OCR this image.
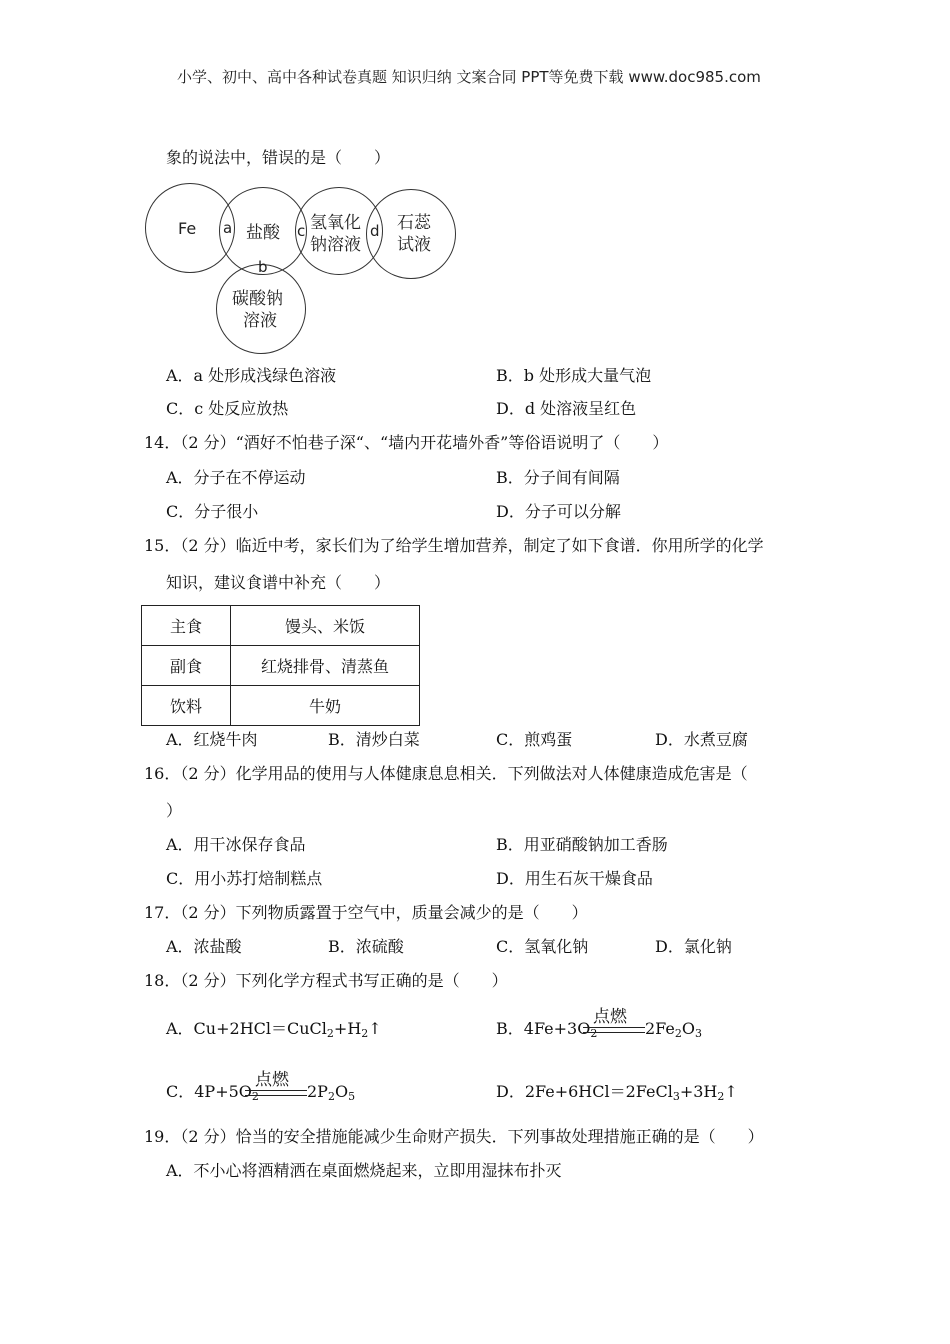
小学、初中、高中各种试卷真题 知识归纳 文案合同 PPT等免费下载 www.doc985.com
象的说法中，错误的是（　　）
Fe	盐酸 氢氧化
钠溶液
石蕊
试液
碳酸钠
溶液
a
b
c	d
A．a 处形成浅绿色溶液	B．b 处形成大量气泡
C．c 处反应放热	D．d 处溶液呈红色
14．（2 分）“酒好不怕巷子深“、“墙内开花墙外香”等俗语说明了（　　）
A．分子在不停运动	B．分子间有间隔
C．分子很小	D．分子可以分解
15．（2 分）临近中考，家长们为了给学生增加营养，制定了如下食谱．你用所学的化学
知识，建议食谱中补充（　　）
主食	馒头、米饭
副食	红烧排骨、清蒸鱼
饮料	牛奶
A．红烧牛肉	B．清炒白菜	C．煎鸡蛋	D．水煮豆腐
16．（2 分）化学用品的使用与人体健康息息相关．下列做法对人体健康造成危害是（
）
A．用干冰保存食品	B．用亚硝酸钠加工香肠
C．用小苏打焙制糕点	D．用生石灰干燥食品
17．（2 分）下列物质露置于空气中，质量会减少的是（　　）
A．浓盐酸	B．浓硫酸	C．氢氧化钠	D．氯化钠
18．（2 分）下列化学方程式书写正确的是（　　）
A．$Cu+2HCl=CuCl_2+H_2↑$	B．$4Fe+3O_2$
点燃
$2Fe_2O_3$
C．$4P+5O_2$
点燃
$2P_2O_5$	D．$2Fe+6HCl=2FeCl_3+3H_2↑$
19．（2 分）恰当的安全措施能减少生命财产损失．下列事故处理措施正确的是（　　）
A．不小心将酒精洒在桌面燃烧起来，立即用湿抹布扑灭
